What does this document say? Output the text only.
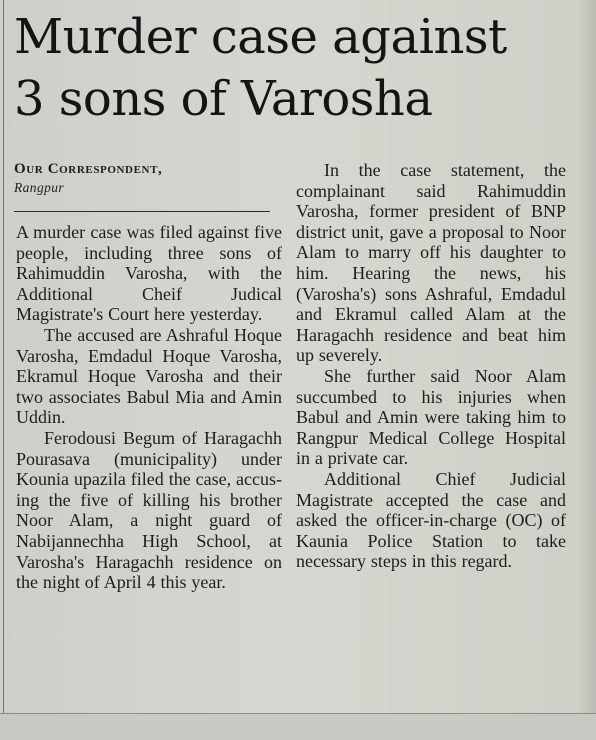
Murder case against
3 sons of Varosha

Our Correspondent,

Rangpur

A murder case was filed against five people, including three sons of Rahimuddin Varosha, with the Additional Cheif Judical Magistrate's Court here yesterday.

The accused are Ashraful Hoque Varosha, Emdadul Hoque Varosha, Ekramul Hoque Varosha and their two associates Babul Mia and Amin Uddin.

Ferodousi Begum of Haragachh Pourasava (municipality) under Kounia upazila filed the case, accusing the five of killing his brother Noor Alam, a night guard of Nabijannechha High School, at Varosha's Haragachh residence on the night of April 4 this year.

In the case statement, the complainant said Rahimuddin Varosha, former president of BNP district unit, gave a proposal to Noor Alam to marry off his daughter to him. Hearing the news, his (Varosha's) sons Ashraful, Emdadul and Ekramul called Alam at the Haragachh residence and beat him up severely.

She further said Noor Alam succumbed to his injuries when Babul and Amin were taking him to Rangpur Medical College Hospital in a private car.

Additional Chief Judicial Magistrate accepted the case and asked the officer-in-charge (OC) of Kaunia Police Station to take necessary steps in this regard.
